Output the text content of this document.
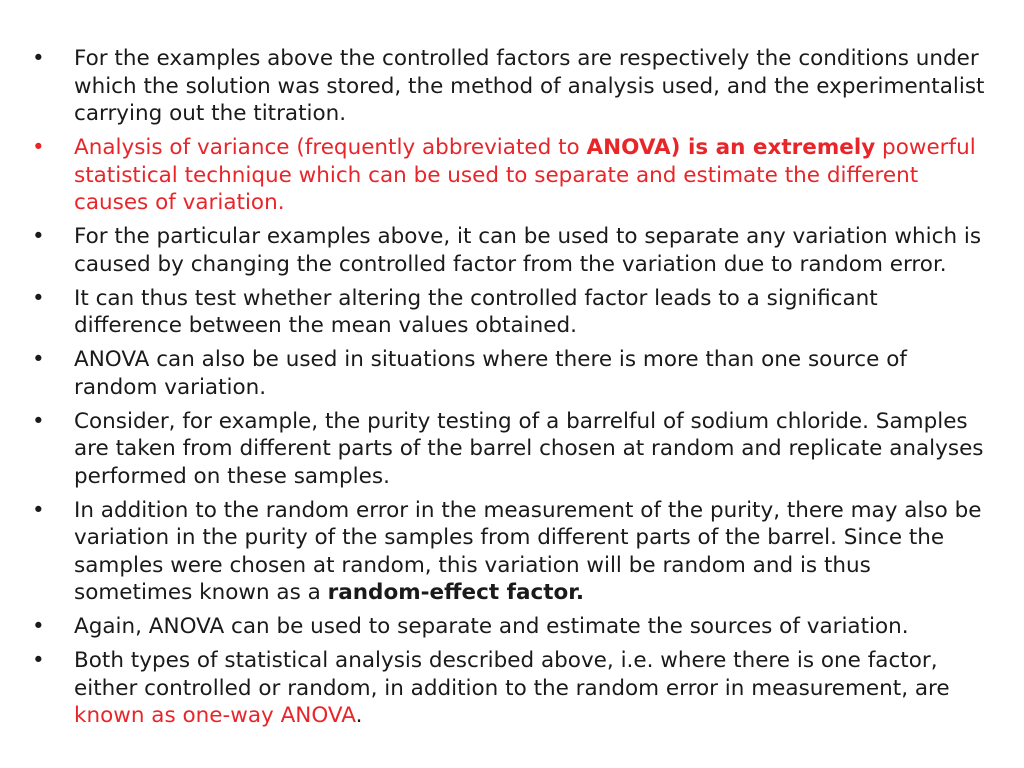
• For the examples above the controlled factors are respectively the conditions under which the solution was stored, the method of analysis used, and the experimentalist carrying out the titration.
• Analysis of variance (frequently abbreviated to ANOVA) is an extremely powerful statistical technique which can be used to separate and estimate the different causes of variation.
• For the particular examples above, it can be used to separate any variation which is caused by changing the controlled factor from the variation due to random error.
• It can thus test whether altering the controlled factor leads to a significant difference between the mean values obtained.
• ANOVA can also be used in situations where there is more than one source of random variation.
• Consider, for example, the purity testing of a barrelful of sodium chloride. Samples are taken from different parts of the barrel chosen at random and replicate analyses performed on these samples.
• In addition to the random error in the measurement of the purity, there may also be variation in the purity of the samples from different parts of the barrel. Since the samples were chosen at random, this variation will be random and is thus sometimes known as a random-effect factor.
• Again, ANOVA can be used to separate and estimate the sources of variation.
• Both types of statistical analysis described above, i.e. where there is one factor, either controlled or random, in addition to the random error in measurement, are known as one-way ANOVA.
